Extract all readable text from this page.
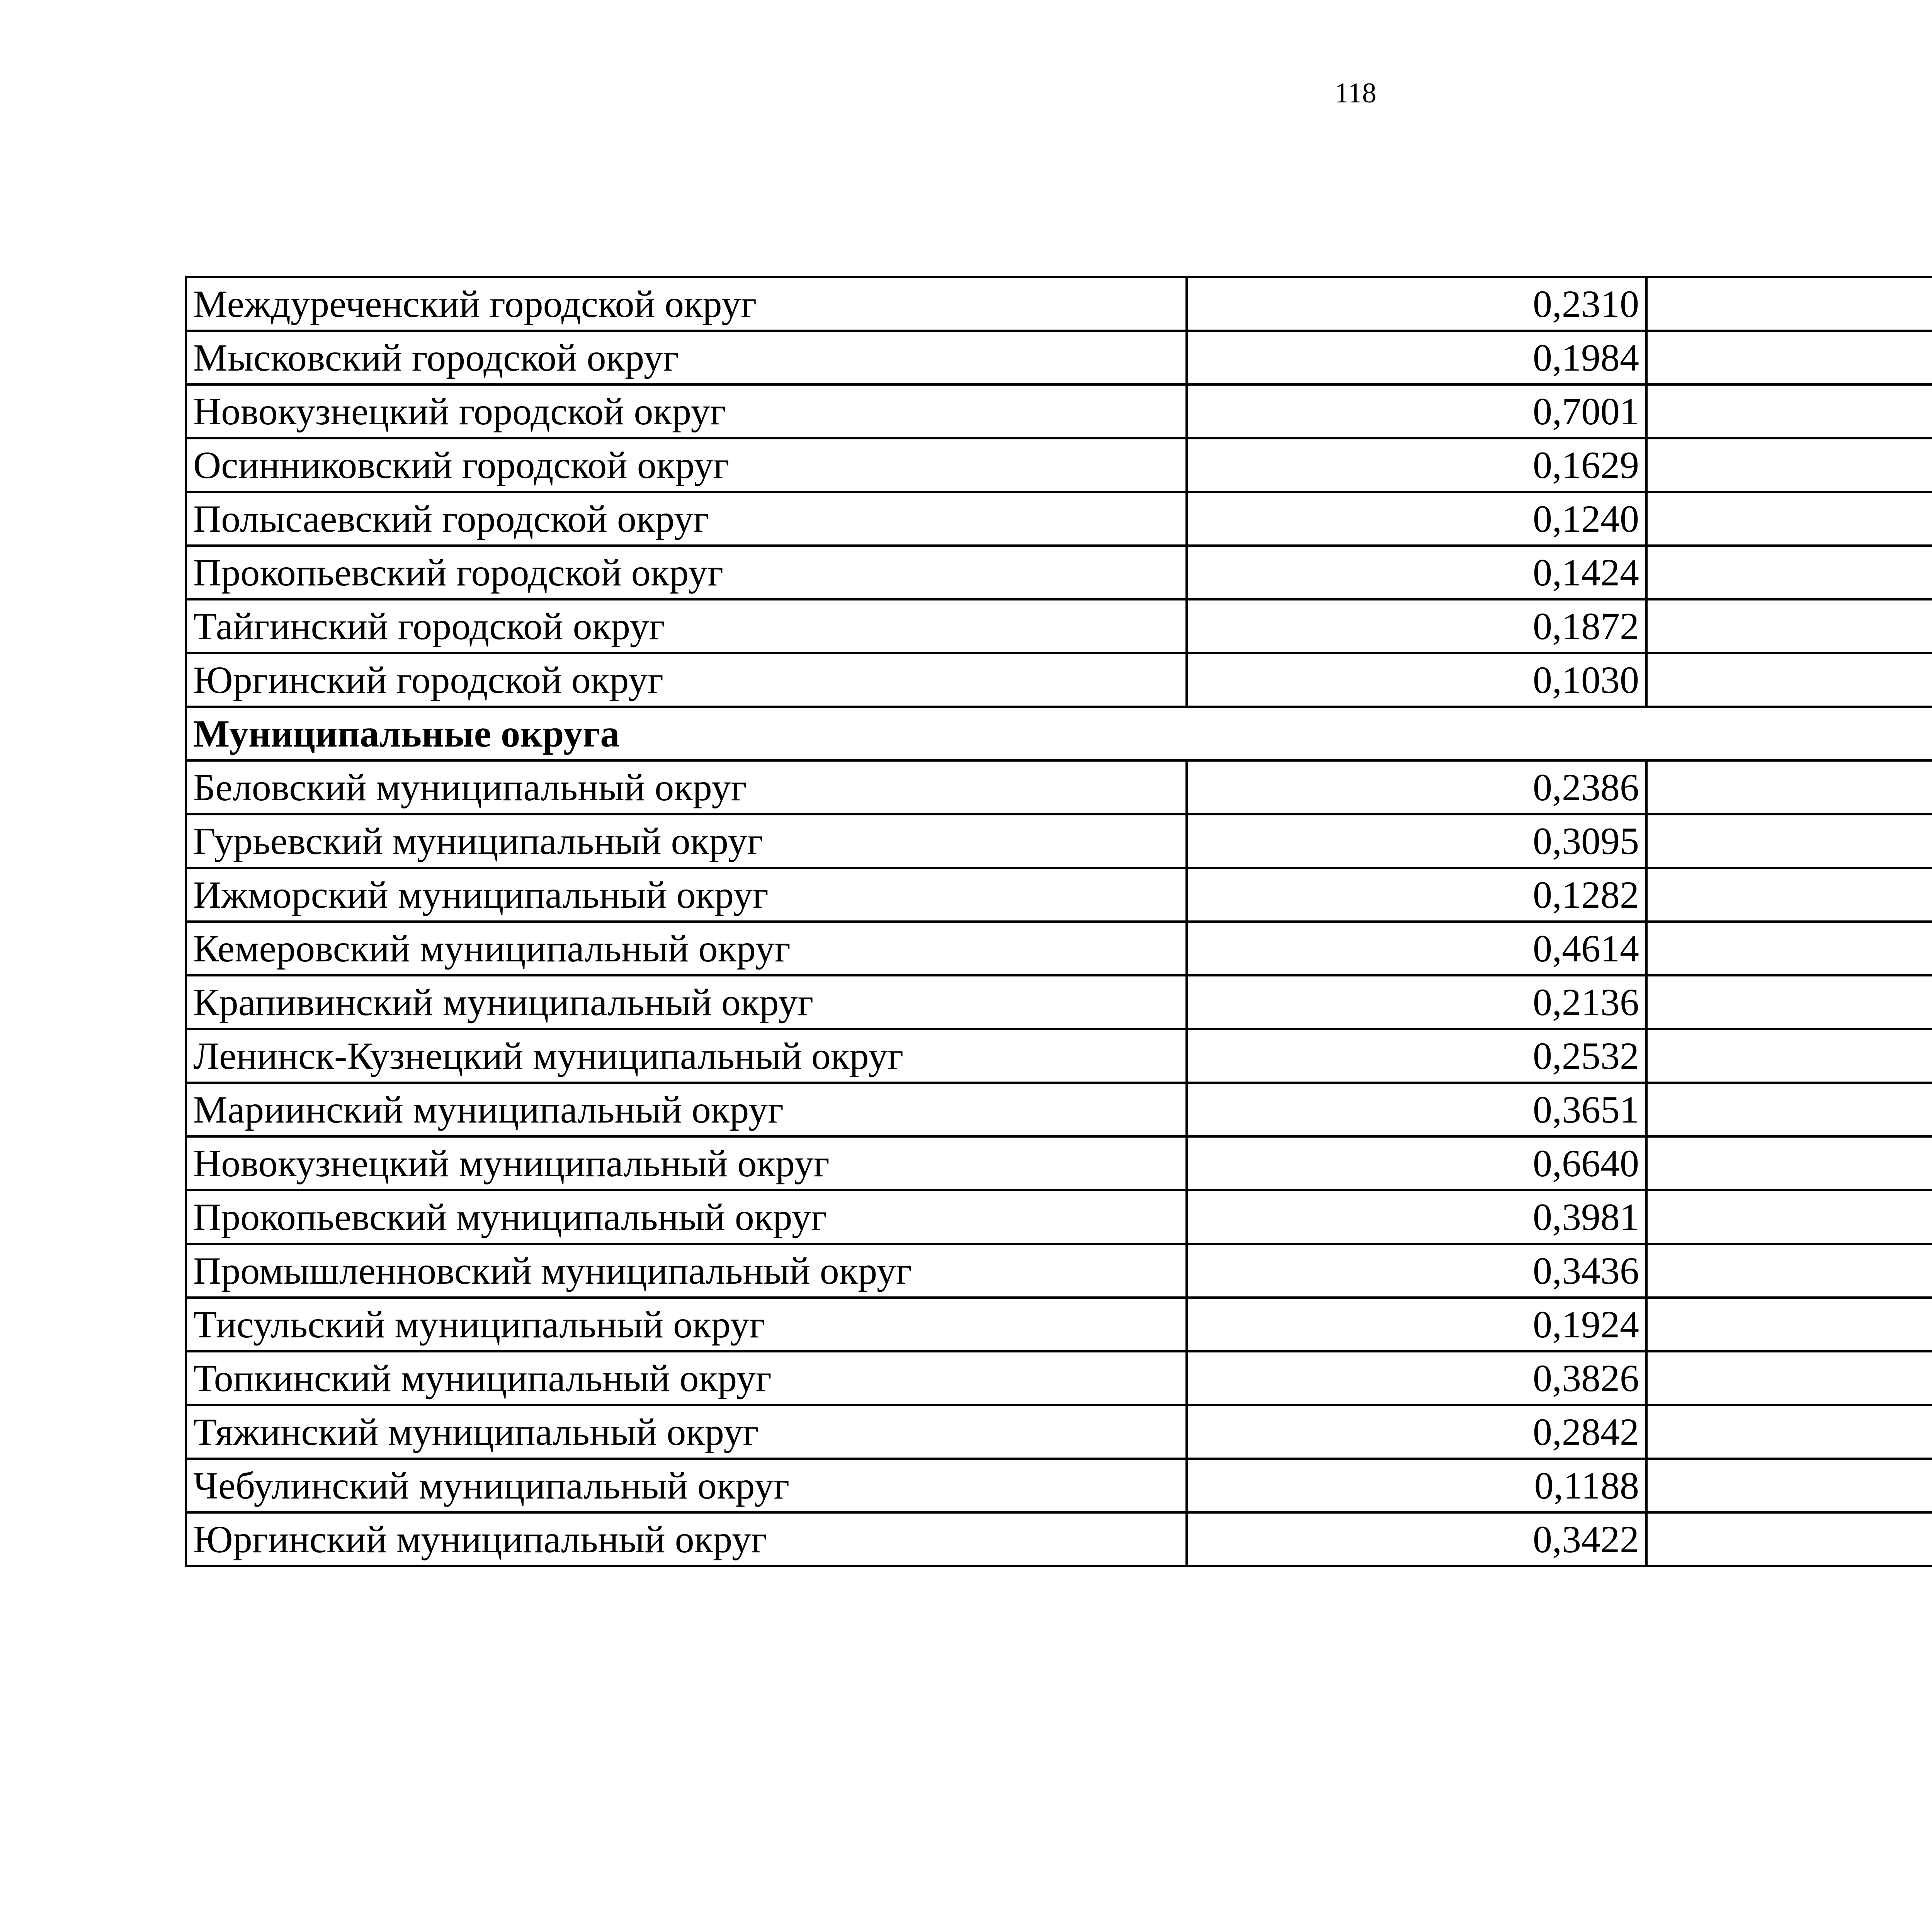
118
Междуреченский городской округ	0,2310		
Мысковский городской округ	0,1984		
Новокузнецкий городской округ	0,7001		
Осинниковский городской округ	0,1629		
Полысаевский городской округ	0,1240		
Прокопьевский городской округ	0,1424		
Тайгинский городской округ	0,1872		
Юргинский городской округ	0,1030		
Муниципальные округа			
Беловский муниципальный округ	0,2386		
Гурьевский муниципальный округ	0,3095		
Ижморский муниципальный округ	0,1282		
Кемеровский муниципальный округ	0,4614		
Крапивинский муниципальный округ	0,2136		
Ленинск-Кузнецкий муниципальный округ	0,2532		
Мариинский муниципальный округ	0,3651		
Новокузнецкий муниципальный округ	0,6640		
Прокопьевский муниципальный округ	0,3981		
Промышленновский муниципальный округ	0,3436		
Тисульский муниципальный округ	0,1924		
Топкинский муниципальный округ	0,3826		
Тяжинский муниципальный округ	0,2842		
Чебулинский муниципальный округ	0,1188		
Юргинский муниципальный округ	0,3422		
